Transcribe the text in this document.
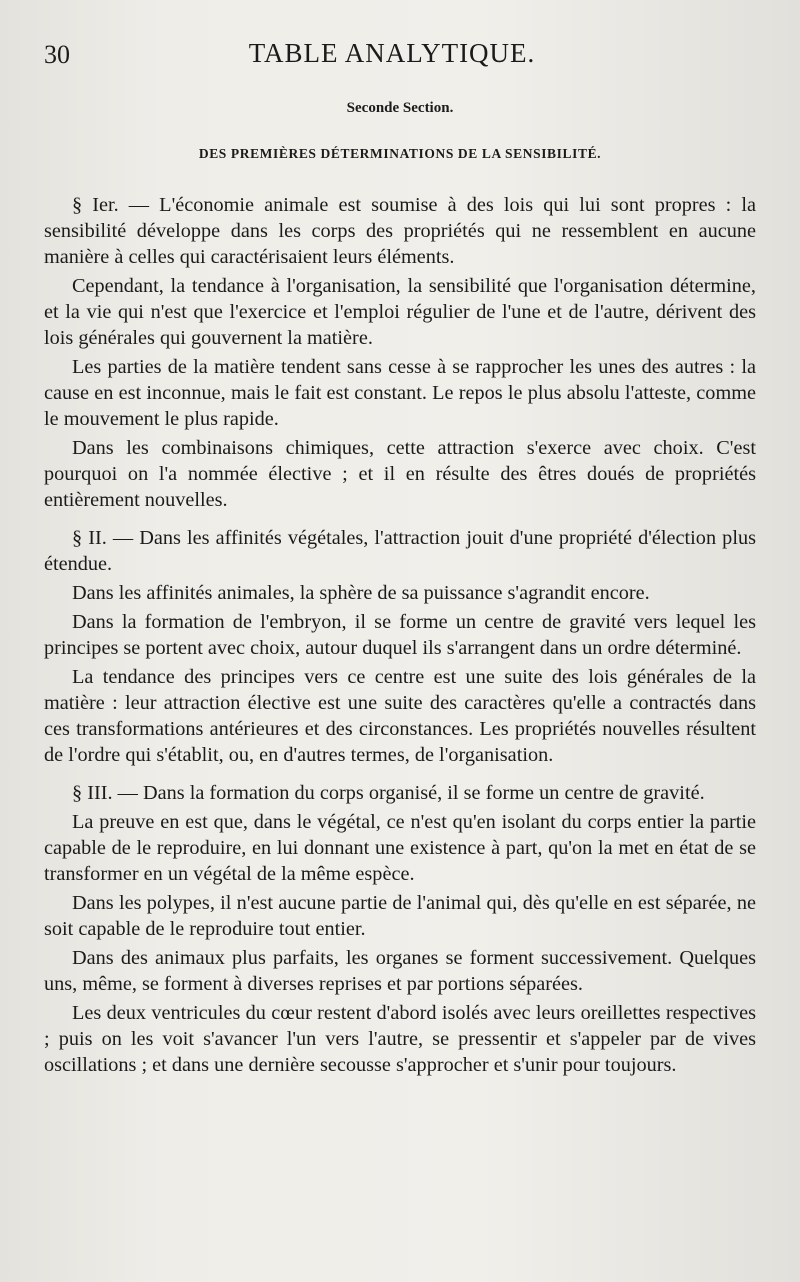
30	TABLE ANALYTIQUE.
Seconde Section.
DES PREMIÈRES DÉTERMINATIONS DE LA SENSIBILITÉ.

§ Ier. — L'économie animale est soumise à des lois qui lui sont propres : la sensibilité développe dans les corps des propriétés qui ne ressemblent en aucune manière à celles qui caractérisaient leurs éléments.

Cependant, la tendance à l'organisation, la sensibilité que l'organisation détermine, et la vie qui n'est que l'exercice et l'emploi régulier de l'une et de l'autre, dérivent des lois générales qui gouvernent la matière.

Les parties de la matière tendent sans cesse à se rapprocher les unes des autres : la cause en est inconnue, mais le fait est constant. Le repos le plus absolu l'atteste, comme le mouvement le plus rapide.

Dans les combinaisons chimiques, cette attraction s'exerce avec choix. C'est pourquoi on l'a nommée élective ; et il en résulte des êtres doués de propriétés entièrement nouvelles.

§ II. — Dans les affinités végétales, l'attraction jouit d'une propriété d'élection plus étendue.

Dans les affinités animales, la sphère de sa puissance s'agrandit encore.

Dans la formation de l'embryon, il se forme un centre de gravité vers lequel les principes se portent avec choix, autour duquel ils s'arrangent dans un ordre déterminé.

La tendance des principes vers ce centre est une suite des lois générales de la matière : leur attraction élective est une suite des caractères qu'elle a contractés dans ces transformations antérieures et des circonstances. Les propriétés nouvelles résultent de l'ordre qui s'établit, ou, en d'autres termes, de l'organisation.

§ III. — Dans la formation du corps organisé, il se forme un centre de gravité.

La preuve en est que, dans le végétal, ce n'est qu'en isolant du corps entier la partie capable de le reproduire, en lui donnant une existence à part, qu'on la met en état de se transformer en un végétal de la même espèce.

Dans les polypes, il n'est aucune partie de l'animal qui, dès qu'elle en est séparée, ne soit capable de le reproduire tout entier.

Dans des animaux plus parfaits, les organes se forment successivement. Quelques uns, même, se forment à diverses reprises et par portions séparées.

Les deux ventricules du cœur restent d'abord isolés avec leurs oreillettes respectives ; puis on les voit s'avancer l'un vers l'autre, se pressentir et s'appeler par de vives oscillations ; et dans une dernière secousse s'approcher et s'unir pour toujours.
